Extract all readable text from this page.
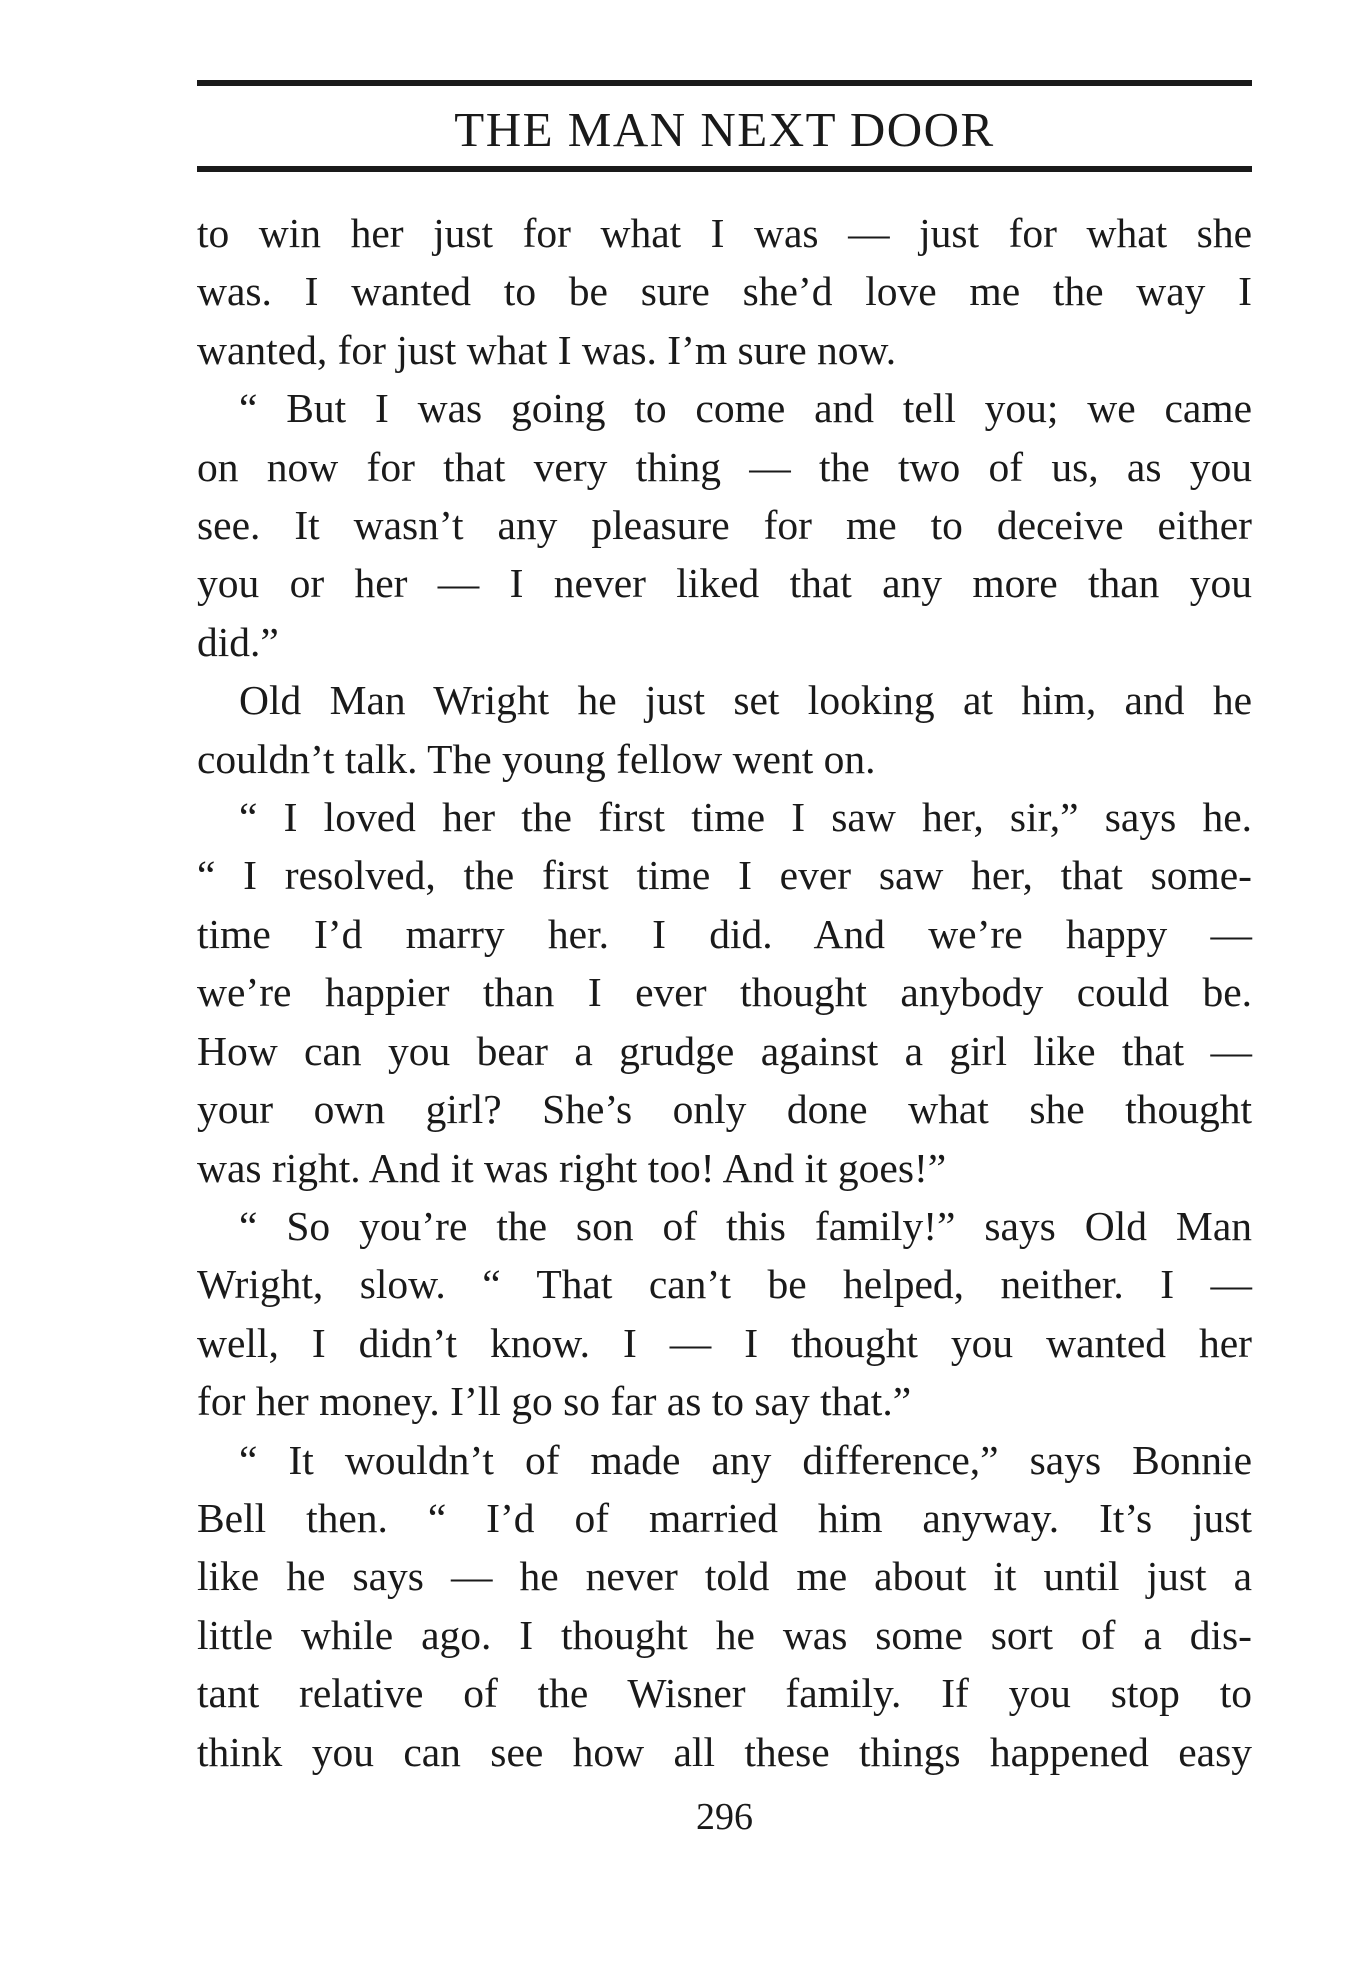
THE MAN NEXT DOOR

to win her just for what I was — just for what she
was. I wanted to be sure she’d love me the way I
wanted, for just what I was. I’m sure now.

“ But I was going to come and tell you; we came
on now for that very thing — the two of us, as you
see. It wasn’t any pleasure for me to deceive either
you or her — I never liked that any more than you
did.”

Old Man Wright he just set looking at him, and he
couldn’t talk. The young fellow went on.

“ I loved her the first time I saw her, sir,” says he.
“ I resolved, the first time I ever saw her, that some-
time I’d marry her. I did. And we’re happy —
we’re happier than I ever thought anybody could be.
How can you bear a grudge against a girl like that —
your own girl? She’s only done what she thought
was right. And it was right too! And it goes!”

“ So you’re the son of this family!” says Old Man
Wright, slow. “ That can’t be helped, neither. I —
well, I didn’t know. I — I thought you wanted her
for her money. I’ll go so far as to say that.”

“ It wouldn’t of made any difference,” says Bonnie
Bell then. “ I’d of married him anyway. It’s just
like he says — he never told me about it until just a
little while ago. I thought he was some sort of a dis-
tant relative of the Wisner family. If you stop to
think you can see how all these things happened easy

296
